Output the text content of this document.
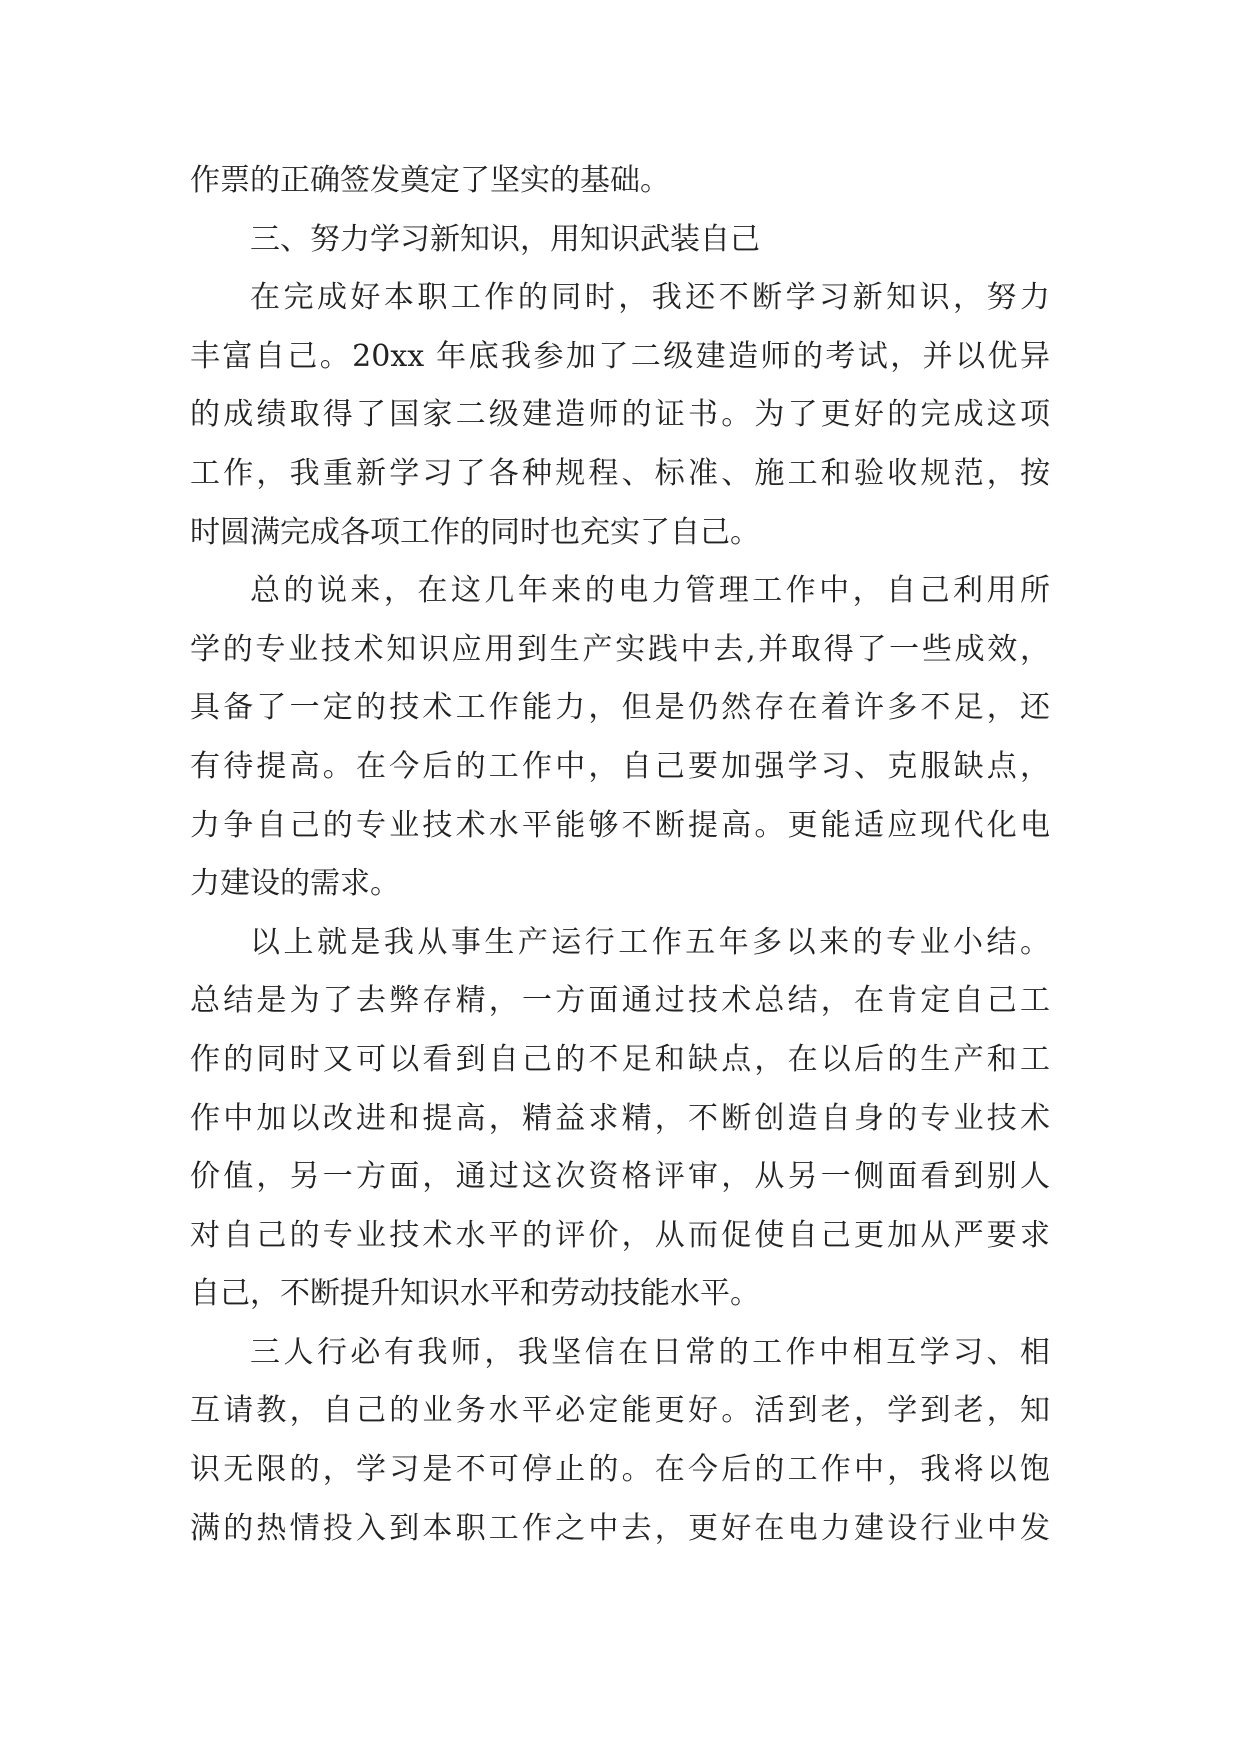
作票的正确签发奠定了坚实的基础。
三、努力学习新知识，用知识武装自己
在完成好本职工作的同时，我还不断学习新知识，努力
丰富自己。20xx 年底我参加了二级建造师的考试，并以优异
的成绩取得了国家二级建造师的证书。为了更好的完成这项
工作，我重新学习了各种规程、标准、施工和验收规范，按
时圆满完成各项工作的同时也充实了自己。
总的说来，在这几年来的电力管理工作中，自己利用所
学的专业技术知识应用到生产实践中去,并取得了一些成效，
具备了一定的技术工作能力，但是仍然存在着许多不足，还
有待提高。在今后的工作中，自己要加强学习、克服缺点，
力争自己的专业技术水平能够不断提高。更能适应现代化电
力建设的需求。
以上就是我从事生产运行工作五年多以来的专业小结。
总结是为了去弊存精，一方面通过技术总结，在肯定自己工
作的同时又可以看到自己的不足和缺点，在以后的生产和工
作中加以改进和提高，精益求精，不断创造自身的专业技术
价值，另一方面，通过这次资格评审，从另一侧面看到别人
对自己的专业技术水平的评价，从而促使自己更加从严要求
自己，不断提升知识水平和劳动技能水平。
三人行必有我师，我坚信在日常的工作中相互学习、相
互请教，自己的业务水平必定能更好。活到老，学到老，知
识无限的，学习是不可停止的。在今后的工作中，我将以饱
满的热情投入到本职工作之中去，更好在电力建设行业中发
